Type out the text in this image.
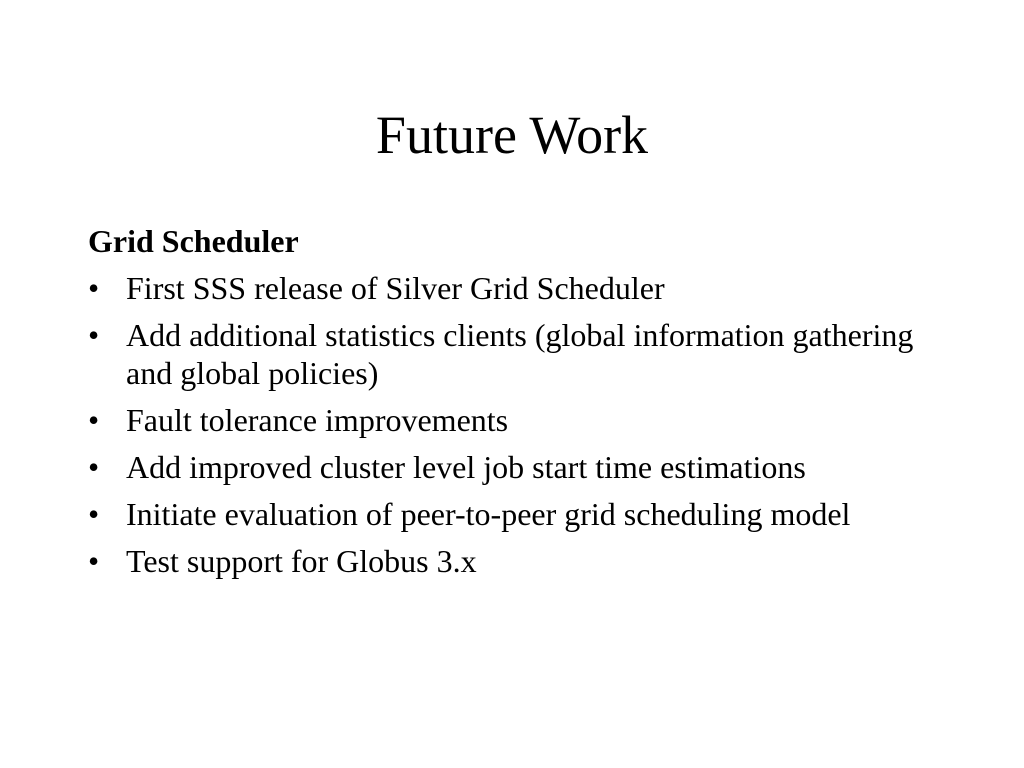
Future Work
Grid Scheduler
• First SSS release of Silver Grid Scheduler
• Add additional statistics clients (global information gathering and global policies)
• Fault tolerance improvements
• Add improved cluster level job start time estimations
• Initiate evaluation of peer-to-peer grid scheduling model
• Test support for Globus 3.x
